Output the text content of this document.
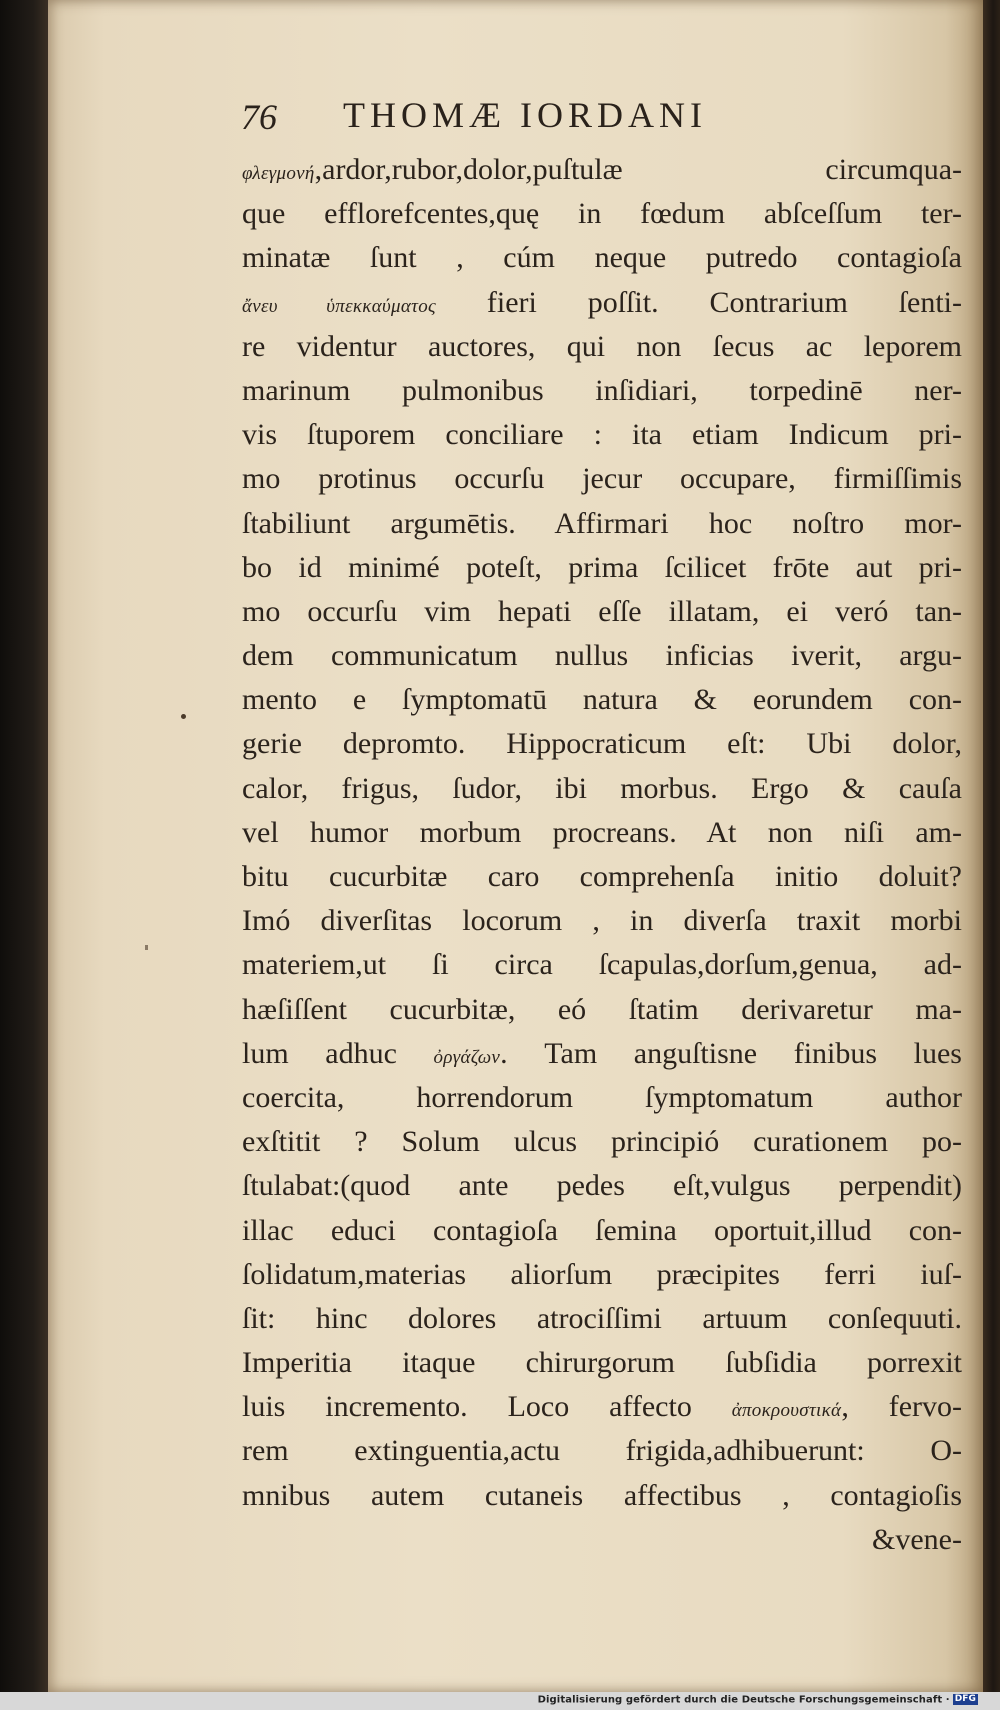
76 THOMÆ IORDANI
φλεγμονή,ardor,rubor,dolor,puſtulæ circumqua-
que efflorefcentes,quę in fœdum abſceſſum ter-
minatæ ſunt , cúm neque putredo contagioſa
ἄνευ ὑπεκκαύματος fieri poſſit. Contrarium ſenti-
re videntur auctores, qui non ſecus ac leporem
marinum pulmonibus inſidiari, torpedinē ner-
vis ſtuporem conciliare : ita etiam Indicum pri-
mo protinus occurſu jecur occupare, firmiſſimis
ſtabiliunt argumētis. Affirmari hoc noſtro mor-
bo id minimé poteſt, prima ſcilicet frōte aut pri-
mo occurſu vim hepati eſſe illatam, ei veró tan-
dem communicatum nullus inficias iverit, argu-
mento e ſymptomatū natura & eorundem con-
gerie depromto. Hippocraticum eſt: Ubi dolor,
calor, frigus, ſudor, ibi morbus. Ergo & cauſa
vel humor morbum procreans. At non niſi am-
bitu cucurbitæ caro comprehenſa initio doluit?
Imó diverſitas locorum , in diverſa traxit morbi
materiem,ut ſi circa ſcapulas,dorſum,genua, ad-
hæſiſſent cucurbitæ, eó ſtatim derivaretur ma-
lum adhuc ὀργάζων. Tam anguſtisne finibus lues
coercita, horrendorum ſymptomatum author
exſtitit ? Solum ulcus principió curationem po-
ſtulabat:(quod ante pedes eſt,vulgus perpendit)
illac educi contagioſa ſemina oportuit,illud con-
ſolidatum,materias aliorſum præcipites ferri iuſ-
ſit: hinc dolores atrociſſimi artuum conſequuti.
Imperitia itaque chirurgorum ſubſidia porrexit
luis incremento. Loco affecto ἀποκρουστικά, fervo-
rem extinguentia,actu frigida,adhibuerunt: O-
mnibus autem cutaneis affectibus , contagioſis
&vene-
Digitalisierung gefördert durch die Deutsche Forschungsgemeinschaft · DFG
